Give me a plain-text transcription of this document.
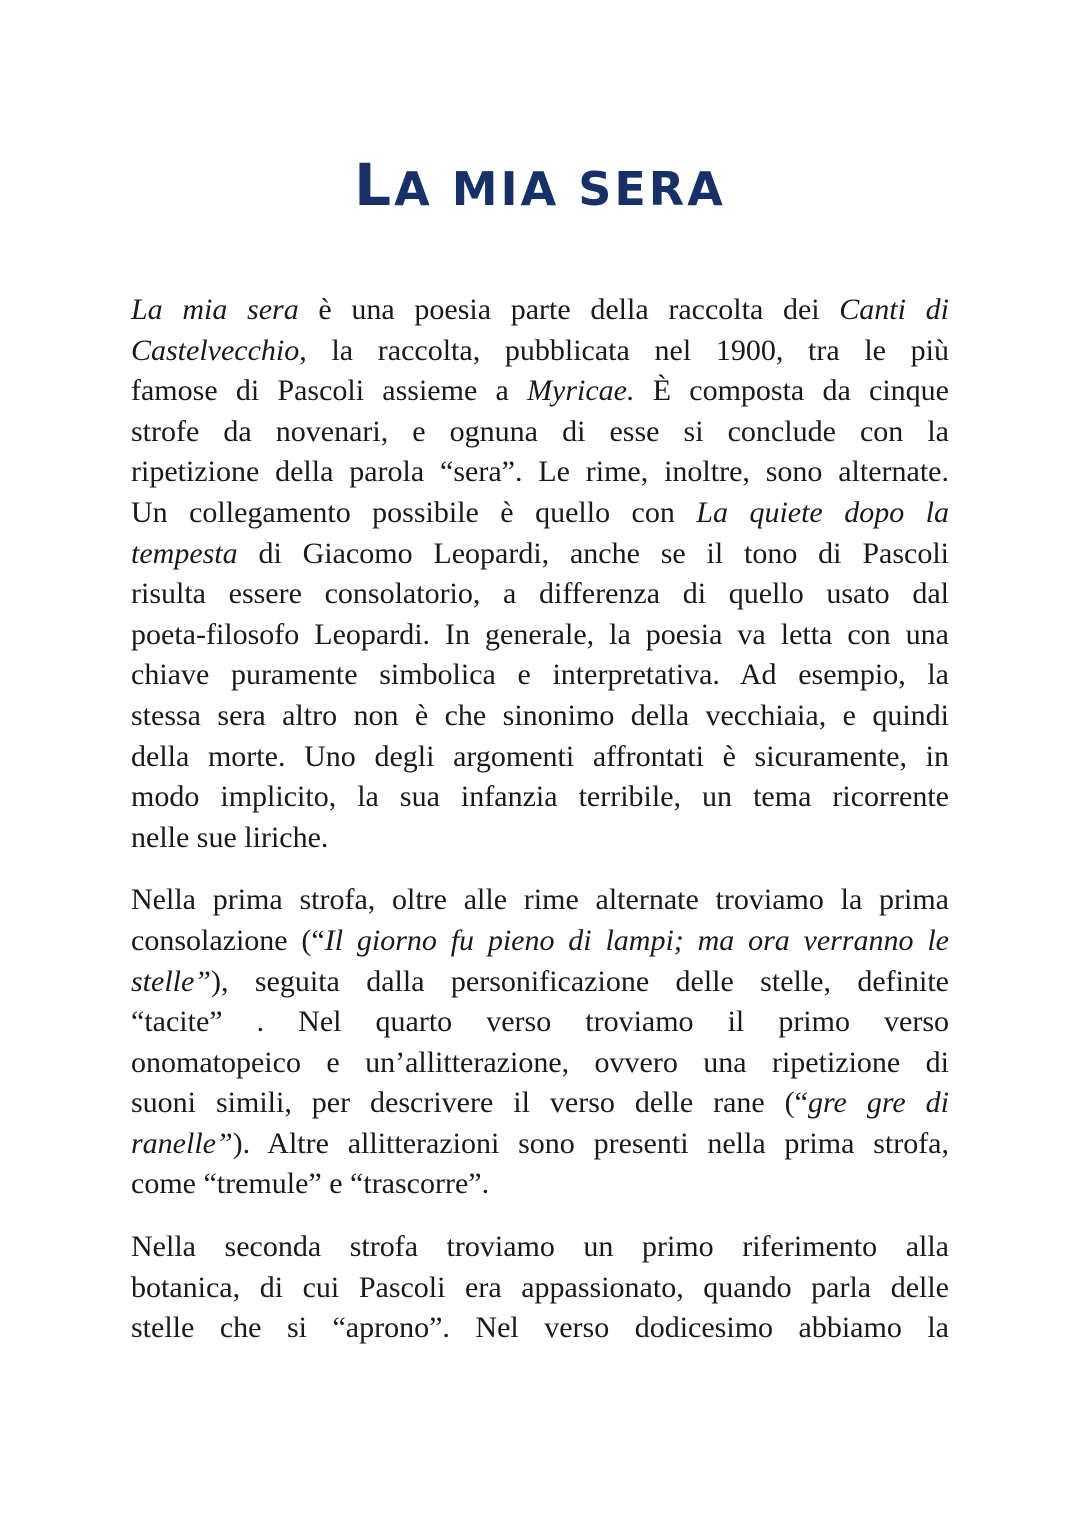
LA MIA SERA
La mia sera è una poesia parte della raccolta dei Canti di
Castelvecchio, la raccolta, pubblicata nel 1900, tra le più
famose di Pascoli assieme a Myricae. È composta da cinque
strofe da novenari, e ognuna di esse si conclude con la
ripetizione della parola “sera”. Le rime, inoltre, sono alternate.
Un collegamento possibile è quello con La quiete dopo la
tempesta di Giacomo Leopardi, anche se il tono di Pascoli
risulta essere consolatorio, a differenza di quello usato dal
poeta-filosofo Leopardi. In generale, la poesia va letta con una
chiave puramente simbolica e interpretativa. Ad esempio, la
stessa sera altro non è che sinonimo della vecchiaia, e quindi
della morte. Uno degli argomenti affrontati è sicuramente, in
modo implicito, la sua infanzia terribile, un tema ricorrente
nelle sue liriche.
Nella prima strofa, oltre alle rime alternate troviamo la prima
consolazione (“Il giorno fu pieno di lampi; ma ora verranno le
stelle”), seguita dalla personificazione delle stelle, definite
“tacite” . Nel quarto verso troviamo il primo verso
onomatopeico e un’allitterazione, ovvero una ripetizione di
suoni simili, per descrivere il verso delle rane (“gre gre di
ranelle”). Altre allitterazioni sono presenti nella prima strofa,
come “tremule” e “trascorre”.
Nella seconda strofa troviamo un primo riferimento alla
botanica, di cui Pascoli era appassionato, quando parla delle
stelle che si “aprono”. Nel verso dodicesimo abbiamo la
